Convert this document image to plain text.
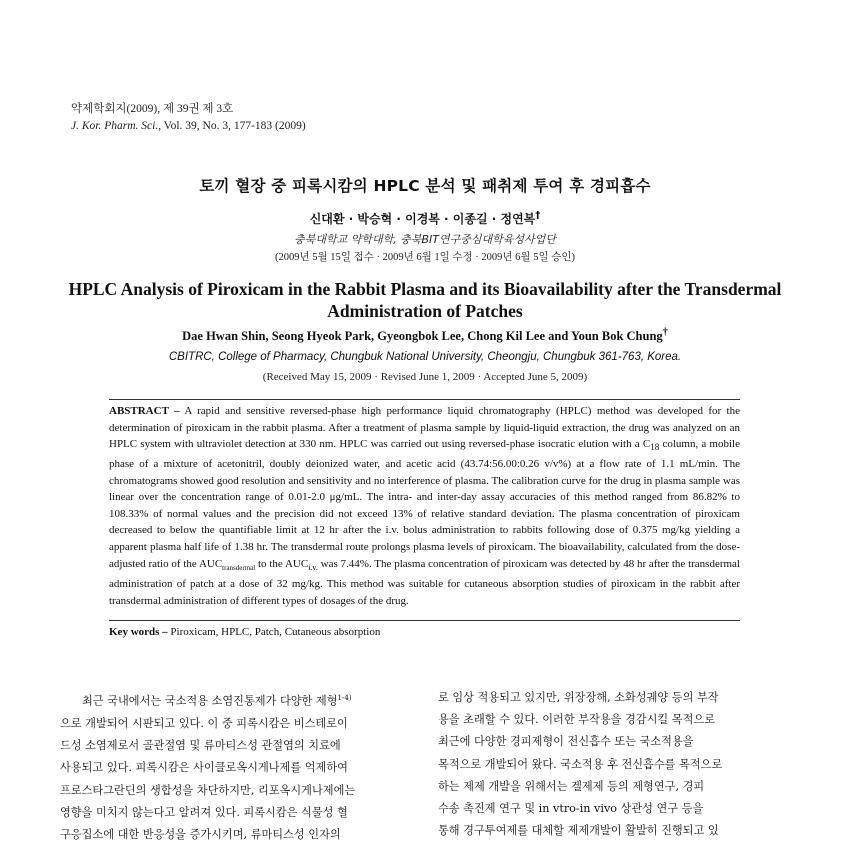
약제학회지(2009), 제 39권 제 3호
J. Kor. Pharm. Sci., Vol. 39, No. 3, 177-183 (2009)
토끼 혈장 중 피록시캄의 HPLC 분석 및 패취제 투여 후 경피흡수
신대환 · 박승혁 · 이경복 · 이종길 · 정연복†
충북대학교 약학대학, 충북BIT연구중심대학육성사업단
(2009년 5월 15일 접수 · 2009년 6월 1일 수정 · 2009년 6월 5일 승인)
HPLC Analysis of Piroxicam in the Rabbit Plasma and its Bioavailability after the Transdermal Administration of Patches
Dae Hwan Shin, Seong Hyeok Park, Gyeongbok Lee, Chong Kil Lee and Youn Bok Chung†
CBITRC, College of Pharmacy, Chungbuk National University, Cheongju, Chungbuk 361-763, Korea.
(Received May 15, 2009 · Revised June 1, 2009 · Accepted June 5, 2009)
ABSTRACT – A rapid and sensitive reversed-phase high performance liquid chromatography (HPLC) method was developed for the determination of piroxicam in the rabbit plasma. After a treatment of plasma sample by liquid-liquid extraction, the drug was analyzed on an HPLC system with ultraviolet detection at 330 nm. HPLC was carried out using reversed-phase isocratic elution with a $C_{18}$ column, a mobile phase of a mixture of acetonitril, doubly deionized water, and acetic acid (43.74:56.00:0.26 v/v%) at a flow rate of 1.1 mL/min. The chromatograms showed good resolution and sensitivity and no interference of plasma. The calibration curve for the drug in plasma sample was linear over the concentration range of 0.01-2.0 μg/mL. The intra- and inter-day assay accuracies of this method ranged from 86.82% to 108.33% of normal values and the precision did not exceed 13% of relative standard deviation. The plasma concentration of piroxicam decreased to below the quantifiable limit at 12 hr after the i.v. bolus administration to rabbits following dose of 0.375 mg/kg yielding a apparent plasma half life of 1.38 hr. The transdermal route prolongs plasma levels of piroxicam. The bioavailability, calculated from the dose-adjusted ratio of the $AUC_{transdermal}$ to the $AUC_{i.v.}$ was 7.44%. The plasma concentration of piroxicam was detected by 48 hr after the transdermal administration of patch at a dose of 32 mg/kg. This method was suitable for cutaneous absorption studies of piroxicam in the rabbit after transdermal administration of different types of dosages of the drug.
Key words – Piroxicam, HPLC, Patch, Cutaneous absorption
최근 국내에서는 국소적용 소염진통제가 다양한 제형$^{1-4)}$
으로 개발되어 시판되고 있다. 이 중 피록시캄은 비스테로이
드성 소염제로서 골관절염 및 류마티스성 관절염의 치료에
사용되고 있다. 피록시캄은 사이클로옥시게나제를 억제하여
프로스타그란딘의 생합성을 차단하지만, 리포옥시게나제에는
영향을 미치지 않는다고 알려져 있다. 피록시캄은 식물성 혈
구응집소에 대한 반응성을 증가시키며, 류마티스성 인자의
로 임상 적용되고 있지만, 위장장해, 소화성궤양 등의 부작
용을 초래할 수 있다. 이러한 부작용을 경감시킬 목적으로
최근에 다양한 경피제형이 전신흡수 또는 국소적용을
목적으로 개발되어 왔다. 국소적용 후 전신흡수를 목적으로
하는 제제 개발을 위해서는 겔제제 등의 제형연구, 경피
수송 촉진제 연구 및 in vtro-in vivo 상관성 연구 등을
통해 경구투여제를 대체할 제제개발이 활발히 진행되고 있
